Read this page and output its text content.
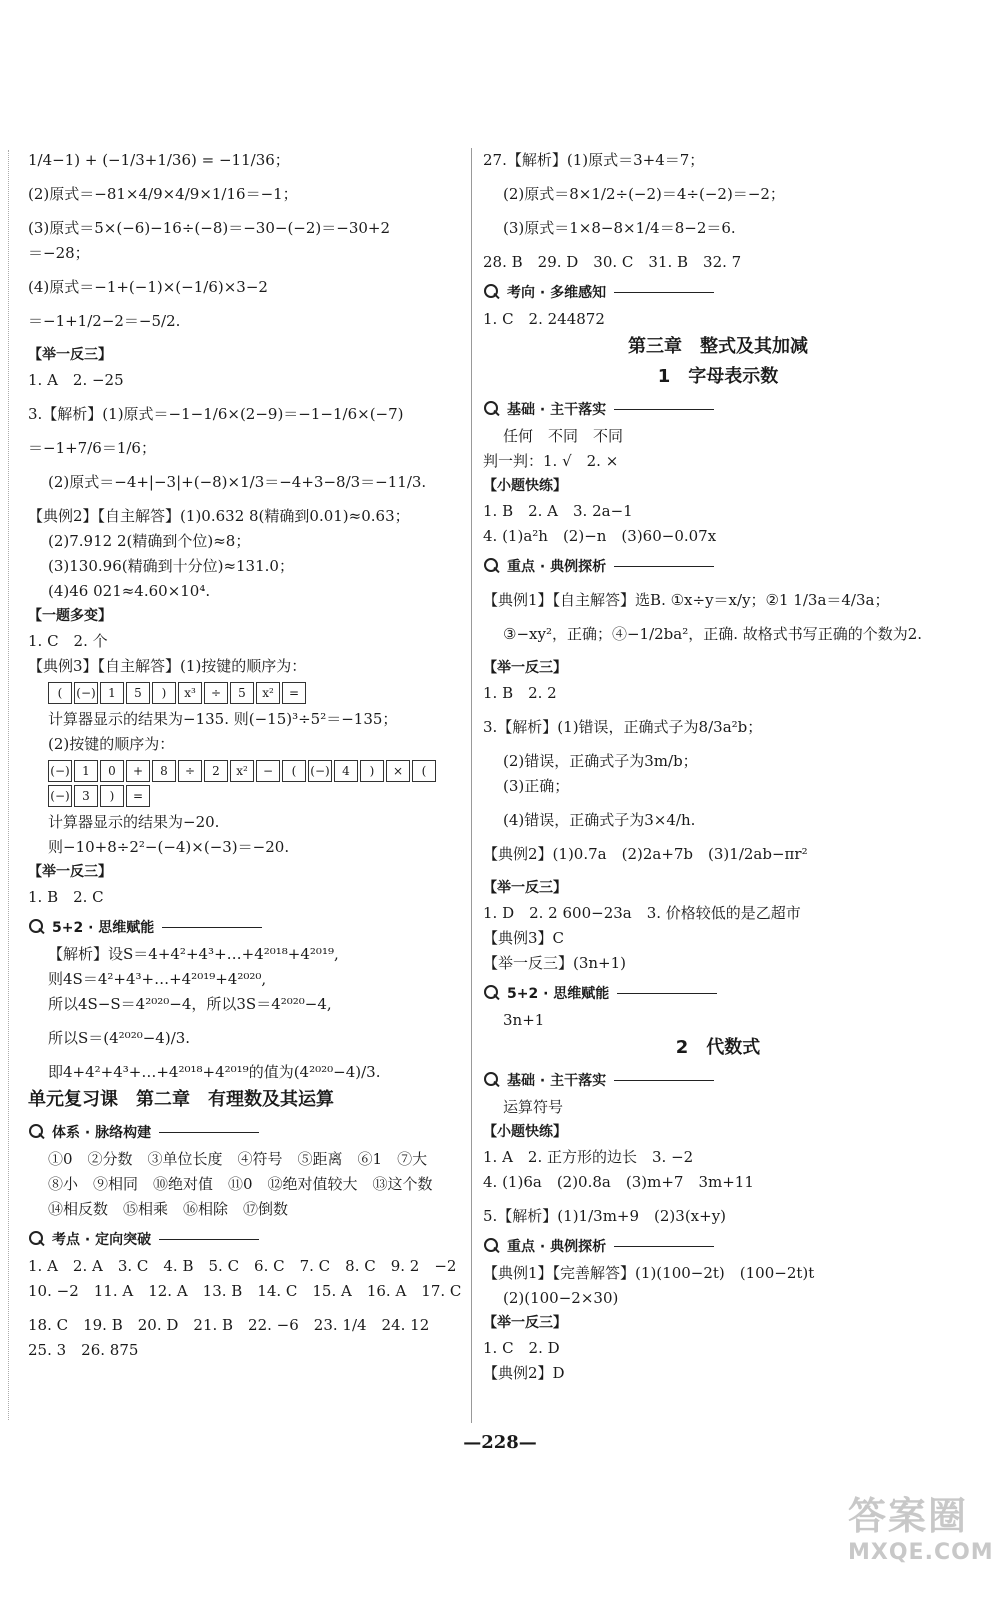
1/4−1) + (−1/3+1/36) = −11/36；
(2)原式＝−81×4/9×4/9×1/16＝−1；
(3)原式＝5×(−6)−16÷(−8)＝−30−(−2)＝−30+2
＝−28；
(4)原式＝−1+(−1)×(−1/6)×3−2
＝−1+1/2−2＝−5/2.
【举一反三】
1. A　2. −25
3.【解析】(1)原式＝−1−1/6×(2−9)＝−1−1/6×(−7)
＝−1+7/6＝1/6；
(2)原式＝−4+|−3|+(−8)×1/3＝−4+3−8/3＝−11/3.
【典例2】【自主解答】(1)0.632 8(精确到0.01)≈0.63；
(2)7.912 2(精确到个位)≈8；
(3)130.96(精确到十分位)≈131.0；
(4)46 021≈4.60×10⁴.
【一题多变】
1. C　2. 个
【典例3】【自主解答】(1)按键的顺序为：
(	(−)	1	5	)	x³	÷	5	x²	=
计算器显示的结果为−135. 则(−15)³÷5²＝−135；
(2)按键的顺序为：
(−)	1	0	+	8	÷	2	x²	−	(	(−)	4	)	×	(
(−)	3	)	=
计算器显示的结果为−20.
则−10+8÷2²−(−4)×(−3)＝−20.
【举一反三】
1. B　2. C
5+2 · 思维赋能
【解析】设S＝4+4²+4³+…+4²⁰¹⁸+4²⁰¹⁹,
则4S＝4²+4³+…+4²⁰¹⁹+4²⁰²⁰,
所以4S−S＝4²⁰²⁰−4，所以3S＝4²⁰²⁰−4,
所以S＝(4²⁰²⁰−4)/3.
即4+4²+4³+…+4²⁰¹⁸+4²⁰¹⁹的值为(4²⁰²⁰−4)/3.
单元复习课　第二章　有理数及其运算
体系 · 脉络构建
①0　②分数　③单位长度　④符号　⑤距离　⑥1　⑦大
⑧小　⑨相同　⑩绝对值　⑪0　⑫绝对值较大　⑬这个数
⑭相反数　⑮相乘　⑯相除　⑰倒数
考点 · 定向突破
1. A　2. A　3. C　4. B　5. C　6. C　7. C　8. C　9. 2　−2
10. −2　11. A　12. A　13. B　14. C　15. A　16. A　17. C
18. C　19. B　20. D　21. B　22. −6　23. 1/4　24. 12
25. 3　26. 875
27.【解析】(1)原式＝3+4＝7；
(2)原式＝8×1/2÷(−2)＝4÷(−2)＝−2；
(3)原式＝1×8−8×1/4＝8−2＝6.
28. B　29. D　30. C　31. B　32. 7
考向 · 多维感知
1. C　2. 244872
第三章　整式及其加减
1　字母表示数
基础 · 主干落实
任何　不同　不同
判一判：1. √　2. ×
【小题快练】
1. B　2. A　3. 2a−1
4. (1)a²h　(2)−n　(3)60−0.07x
重点 · 典例探析
【典例1】【自主解答】选B. ①x÷y＝x/y；②1 1/3a＝4/3a；
③−xy²，正确；④−1/2ba²，正确. 故格式书写正确的个数为2.
【举一反三】
1. B　2. 2
3.【解析】(1)错误，正确式子为8/3a²b；
(2)错误，正确式子为3m/b；
(3)正确；
(4)错误，正确式子为3×4/h.
【典例2】(1)0.7a　(2)2a+7b　(3)1/2ab−πr²
【举一反三】
1. D　2. 2 600−23a　3. 价格较低的是乙超市
【典例3】C
【举一反三】(3n+1)
5+2 · 思维赋能
3n+1
2　代数式
基础 · 主干落实
运算符号
【小题快练】
1. A　2. 正方形的边长　3. −2
4. (1)6a　(2)0.8a　(3)m+7　3m+11
5.【解析】(1)1/3m+9　(2)3(x+y)
重点 · 典例探析
【典例1】【完善解答】(1)(100−2t)　(100−2t)t
(2)(100−2×30)
【举一反三】
1. C　2. D
【典例2】D
—228—
答案圈
MXQE.COM
